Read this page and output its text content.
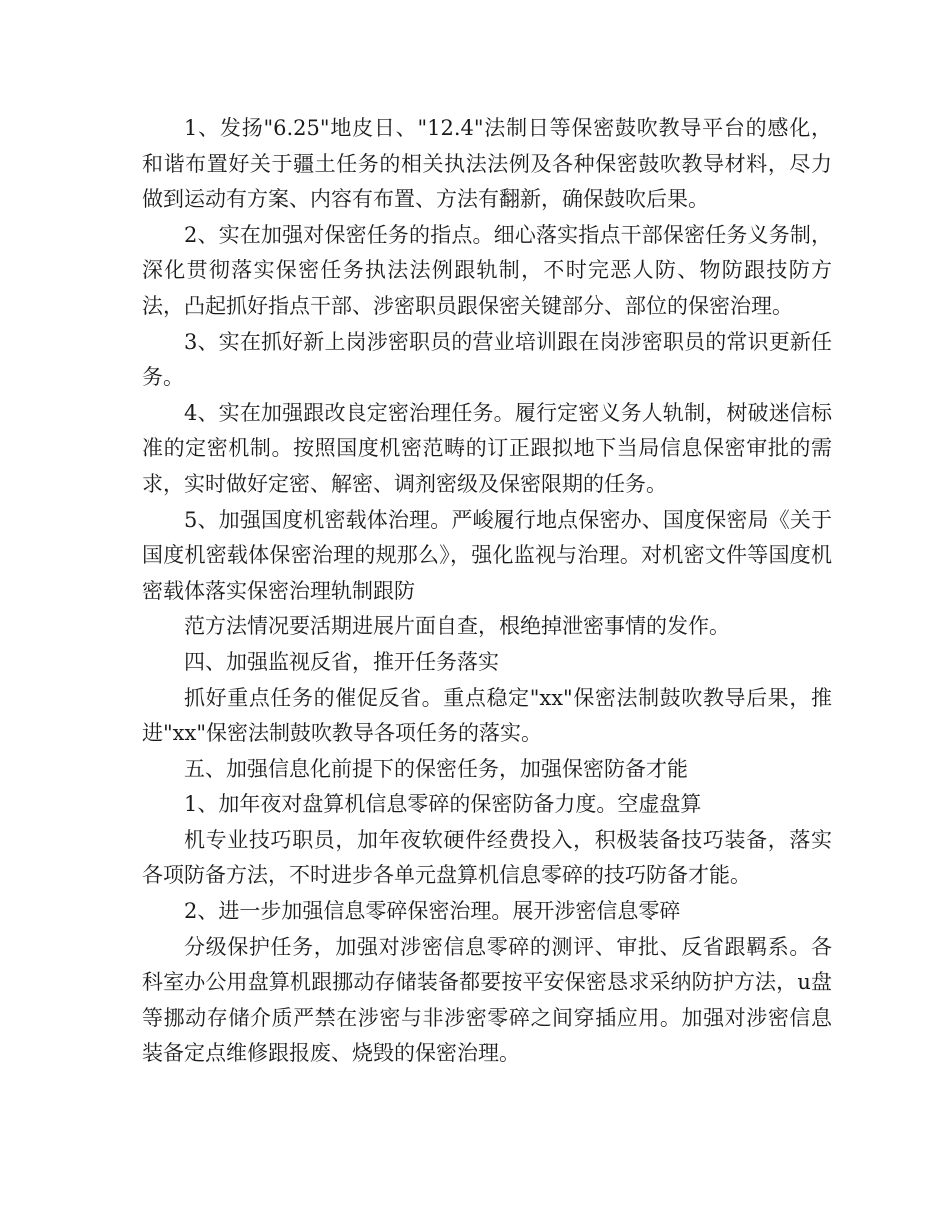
1、发扬"6.25"地皮日、"12.4"法制日等保密鼓吹教导平台的感化，和谐布置好关于疆土任务的相关执法法例及各种保密鼓吹教导材料，尽力做到运动有方案、内容有布置、方法有翻新，确保鼓吹后果。

2、实在加强对保密任务的指点。细心落实指点干部保密任务义务制，深化贯彻落实保密任务执法法例跟轨制，不时完恶人防、物防跟技防方法，凸起抓好指点干部、涉密职员跟保密关键部分、部位的保密治理。

3、实在抓好新上岗涉密职员的营业培训跟在岗涉密职员的常识更新任务。

4、实在加强跟改良定密治理任务。履行定密义务人轨制，树破迷信标准的定密机制。按照国度机密范畴的订正跟拟地下当局信息保密审批的需求，实时做好定密、解密、调剂密级及保密限期的任务。

5、加强国度机密载体治理。严峻履行地点保密办、国度保密局《关于国度机密载体保密治理的规那么》，强化监视与治理。对机密文件等国度机密载体落实保密治理轨制跟防

范方法情况要活期进展片面自查，根绝掉泄密事情的发作。

四、加强监视反省，推开任务落实

抓好重点任务的催促反省。重点稳定"xx"保密法制鼓吹教导后果，推进"xx"保密法制鼓吹教导各项任务的落实。

五、加强信息化前提下的保密任务，加强保密防备才能

1、加年夜对盘算机信息零碎的保密防备力度。空虚盘算

机专业技巧职员，加年夜软硬件经费投入，积极装备技巧装备，落实各项防备方法，不时进步各单元盘算机信息零碎的技巧防备才能。

2、进一步加强信息零碎保密治理。展开涉密信息零碎

分级保护任务，加强对涉密信息零碎的测评、审批、反省跟羁系。各科室办公用盘算机跟挪动存储装备都要按平安保密恳求采纳防护方法，u盘等挪动存储介质严禁在涉密与非涉密零碎之间穿插应用。加强对涉密信息装备定点维修跟报废、烧毁的保密治理。
